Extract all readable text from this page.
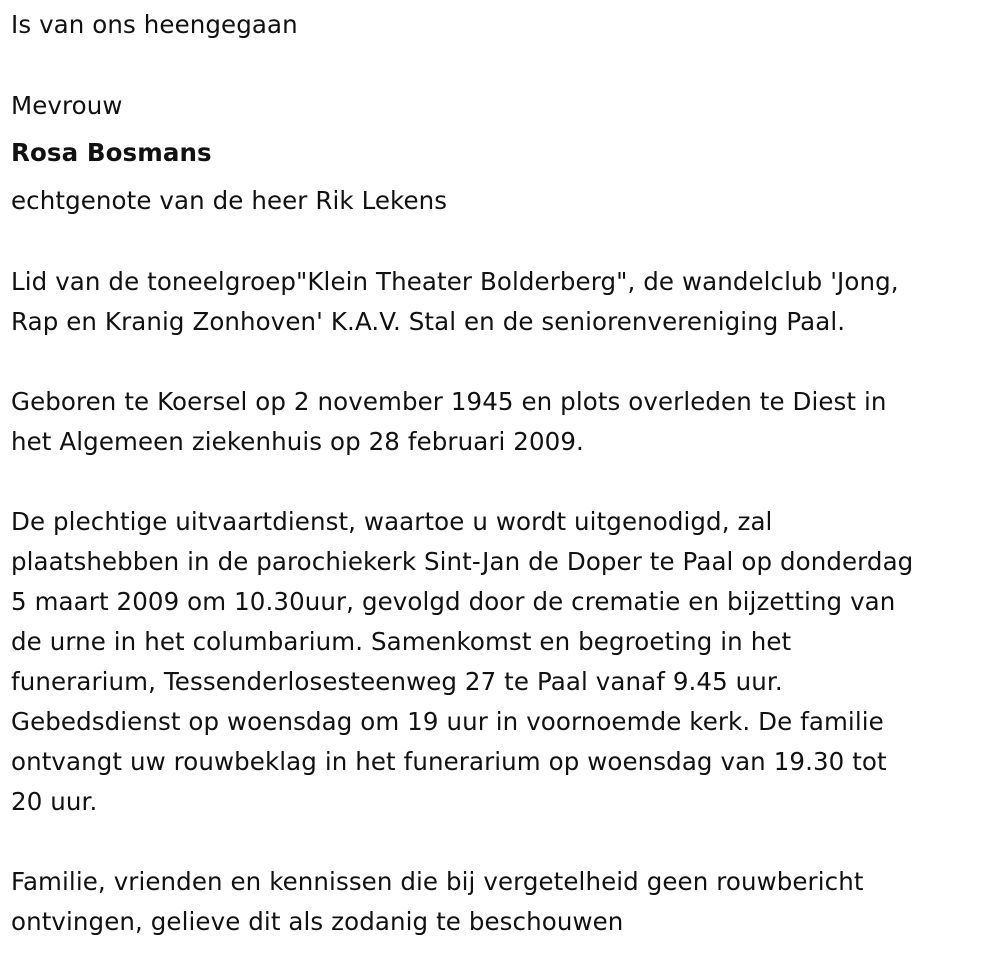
Is van ons heengegaan
Mevrouw
Rosa Bosmans
echtgenote van de heer Rik Lekens
Lid van de toneelgroep"Klein Theater Bolderberg", de wandelclub 'Jong,
Rap en Kranig Zonhoven' K.A.V. Stal en de seniorenvereniging Paal.
Geboren te Koersel op 2 november 1945 en plots overleden te Diest in
het Algemeen ziekenhuis op 28 februari 2009.
De plechtige uitvaartdienst, waartoe u wordt uitgenodigd, zal
plaatshebben in de parochiekerk Sint-Jan de Doper te Paal op donderdag
5 maart 2009 om 10.30uur, gevolgd door de crematie en bijzetting van
de urne in het columbarium. Samenkomst en begroeting in het
funerarium, Tessenderlosesteenweg 27 te Paal vanaf 9.45 uur.
Gebedsdienst op woensdag om 19 uur in voornoemde kerk. De familie
ontvangt uw rouwbeklag in het funerarium op woensdag van 19.30 tot
20 uur.
Familie, vrienden en kennissen die bij vergetelheid geen rouwbericht
ontvingen, gelieve dit als zodanig te beschouwen
